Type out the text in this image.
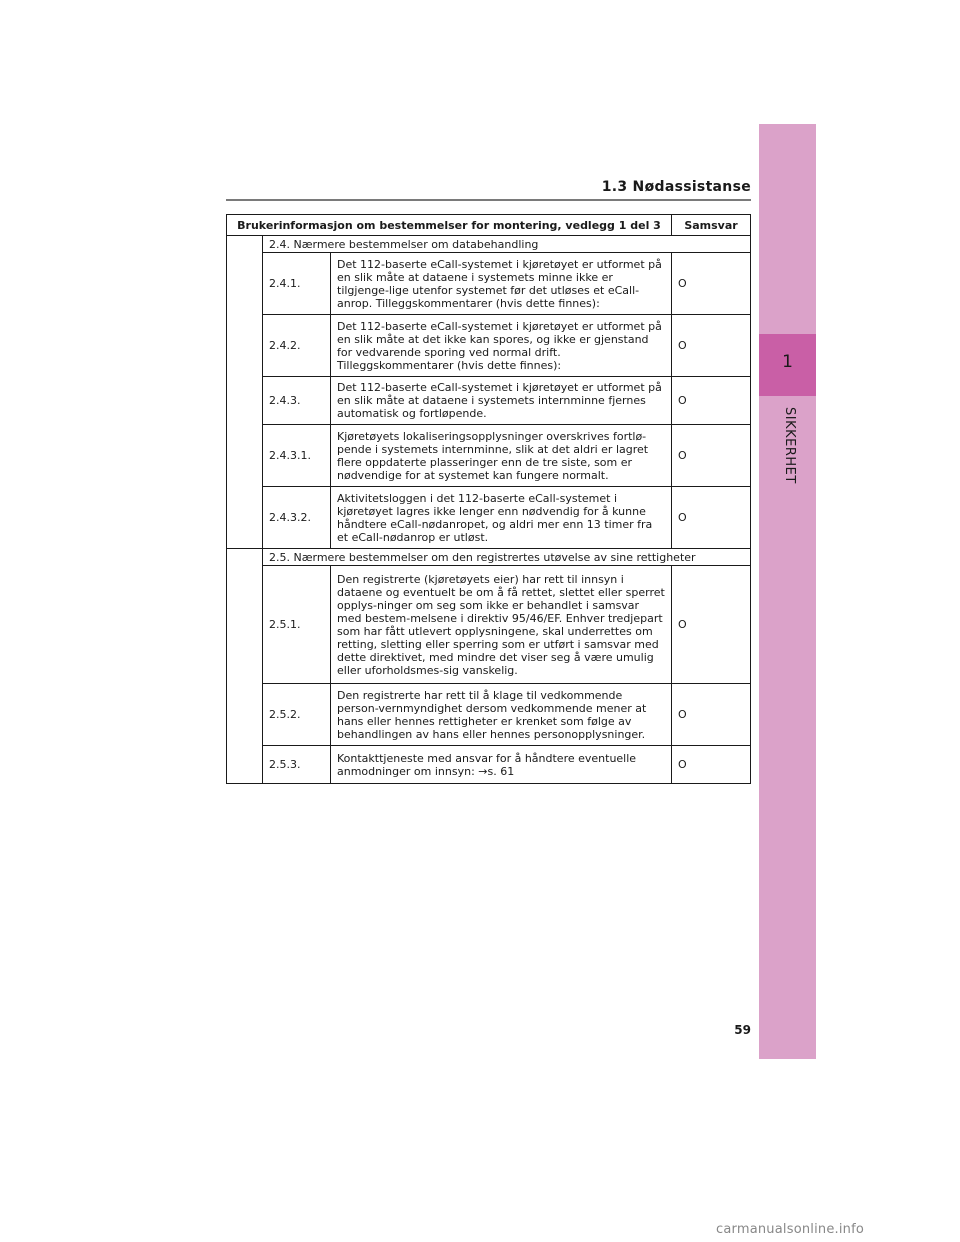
1
SIKKERHET
1.3 Nødassistanse
Brukerinformasjon om bestemmelser for montering, vedlegg 1 del 3			Samsvar
	2.4. Nærmere bestemmelser om databehandling		
	2.4.1.	Det 112-baserte eCall-systemet i kjøretøyet er utformet på en slik måte at dataene i systemets minne ikke er tilgjenge-lige utenfor systemet før det utløses et eCall-anrop. Tilleggskommentarer (hvis dette finnes):	O
	2.4.2.	Det 112-baserte eCall-systemet i kjøretøyet er utformet på en slik måte at det ikke kan spores, og ikke er gjenstand for vedvarende sporing ved normal drift. Tilleggskommentarer (hvis dette finnes):	O
	2.4.3.	Det 112-baserte eCall-systemet i kjøretøyet er utformet på en slik måte at dataene i systemets internminne fjernes automatisk og fortløpende.	O
	2.4.3.1.	Kjøretøyets lokaliseringsopplysninger overskrives fortlø-pende i systemets internminne, slik at det aldri er lagret flere oppdaterte plasseringer enn de tre siste, som er nødvendige for at systemet kan fungere normalt.	O
	2.4.3.2.	Aktivitetsloggen i det 112-baserte eCall-systemet i kjøretøyet lagres ikke lenger enn nødvendig for å kunne håndtere eCall-nødanropet, og aldri mer enn 13 timer fra et eCall-nødanrop er utløst.	O
	2.5. Nærmere bestemmelser om den registrertes utøvelse av sine rettigheter		
	2.5.1.	Den registrerte (kjøretøyets eier) har rett til innsyn i dataene og eventuelt be om å få rettet, slettet eller sperret opplys-ninger om seg som ikke er behandlet i samsvar med bestem-melsene i direktiv 95/46/EF. Enhver tredjepart som har fått utlevert opplysningene, skal underrettes om retting, sletting eller sperring som er utført i samsvar med dette direktivet, med mindre det viser seg å være umulig eller uforholdsmes-sig vanskelig.	O
	2.5.2.	Den registrerte har rett til å klage til vedkommende person-vernmyndighet dersom vedkommende mener at hans eller hennes rettigheter er krenket som følge av behandlingen av hans eller hennes personopplysninger.	O
	2.5.3.	Kontakttjeneste med ansvar for å håndtere eventuelle anmodninger om innsyn: →s. 61	O
59
carmanualsonline.info
